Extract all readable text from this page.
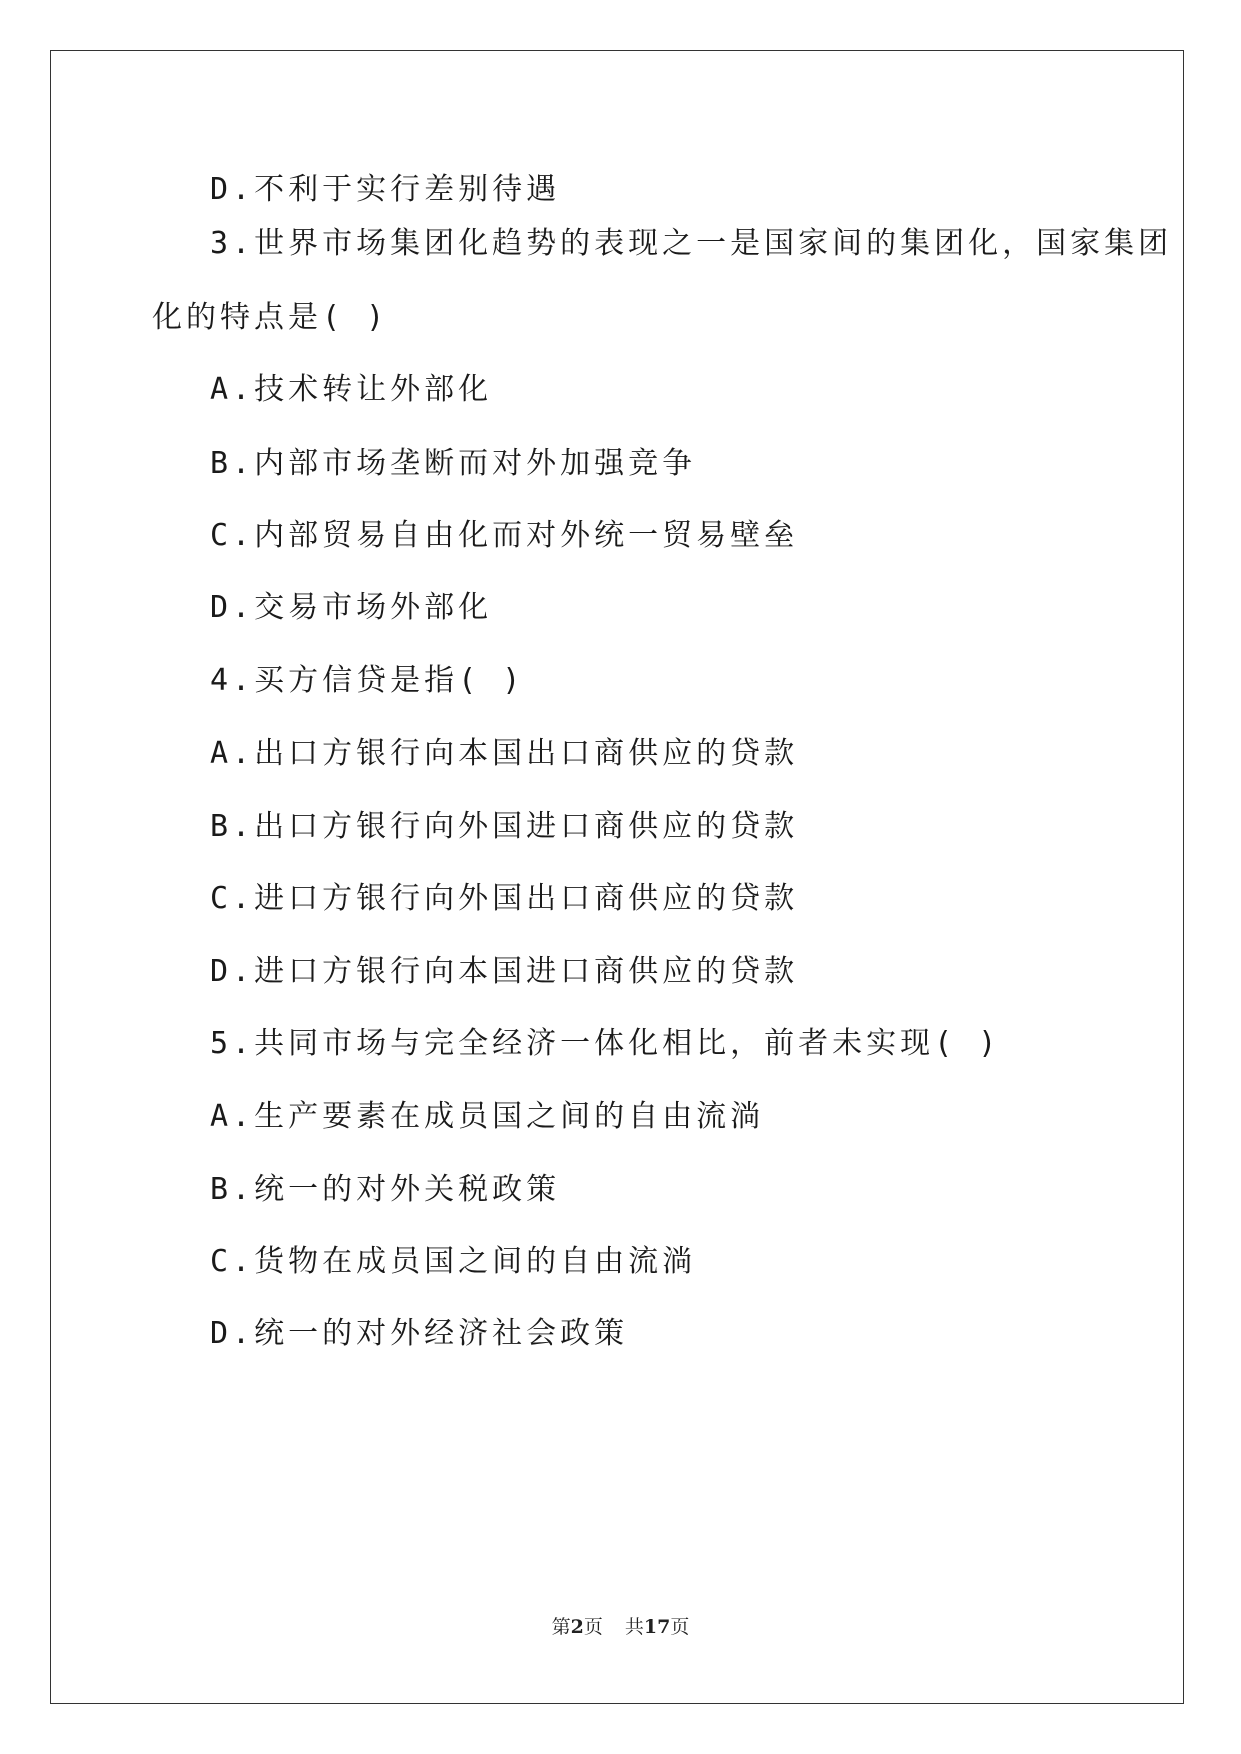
D.不利于实行差别待遇
3.世界市场集团化趋势的表现之一是国家间的集团化，国家集团
化的特点是( )
A.技术转让外部化
B.内部市场垄断而对外加强竞争
C.内部贸易自由化而对外统一贸易壁垒
D.交易市场外部化
4.买方信贷是指( )
A.出口方银行向本国出口商供应的贷款
B.出口方银行向外国进口商供应的贷款
C.进口方银行向外国出口商供应的贷款
D.进口方银行向本国进口商供应的贷款
5.共同市场与完全经济一体化相比，前者未实现( )
A.生产要素在成员国之间的自由流淌
B.统一的对外关税政策
C.货物在成员国之间的自由流淌
D.统一的对外经济社会政策
第2页 共17页
